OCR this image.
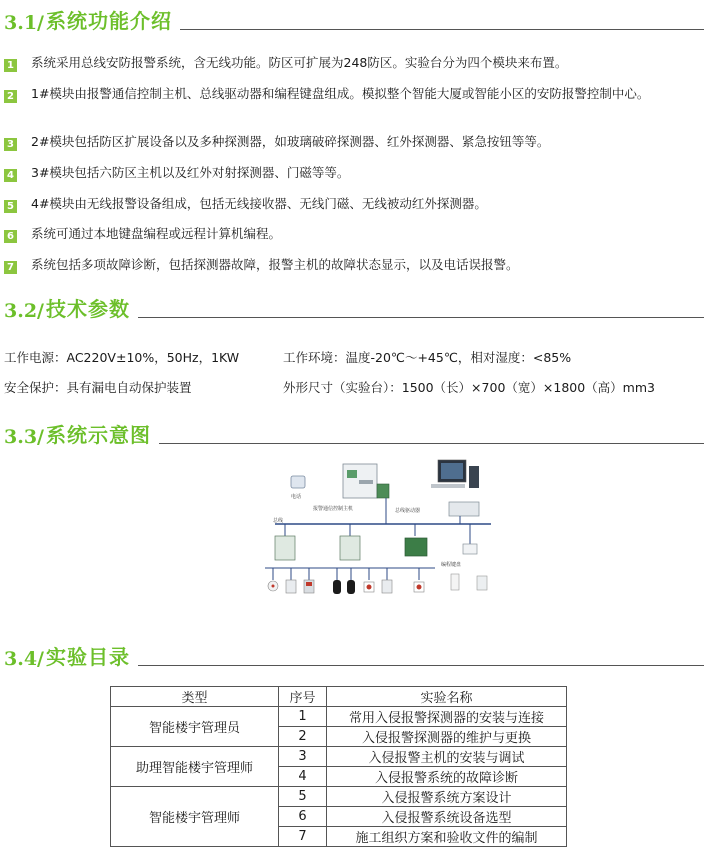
3.1/ 系统功能介绍
1 系统采用总线安防报警系统，含无线功能。防区可扩展为248防区。实验台分为四个模块来布置。
2 1#模块由报警通信控制主机、总线驱动器和编程键盘组成。模拟整个智能大厦或智能小区的安防报警控制中心。
3 2#模块包括防区扩展设备以及多种探测器，如玻璃破碎探测器、红外探测器、紧急按钮等等。
4 3#模块包括六防区主机以及红外对射探测器、门磁等等。
5 4#模块由无线报警设备组成，包括无线接收器、无线门磁、无线被动红外探测器。
6 系统可通过本地键盘编程或远程计算机编程。
7 系统包括多项故障诊断，包括探测器故障，报警主机的故障状态显示，以及电话误报警。
3.2/ 技术参数
工作电源：AC220V±10%，50Hz，1KW	工作环境：温度-20℃～+45℃，相对湿度：<85%
安全保护：具有漏电自动保护装置	外形尺寸（实验台）：1500（长）×700（宽）×1800（高）mm3
3.3/ 系统示意图
电话
报警通信控制主机	总线驱动器
总线
编程键盘
3.4/ 实验目录
类型	序号	实验名称
智能楼宇管理员	1	常用入侵报警探测器的安装与连接
	2	入侵报警探测器的维护与更换
助理智能楼宇管理师	3	入侵报警主机的安装与调试
	4	入侵报警系统的故障诊断
智能楼宇管理师	5	入侵报警系统方案设计
	6	入侵报警系统设备选型
	7	施工组织方案和验收文件的编制
